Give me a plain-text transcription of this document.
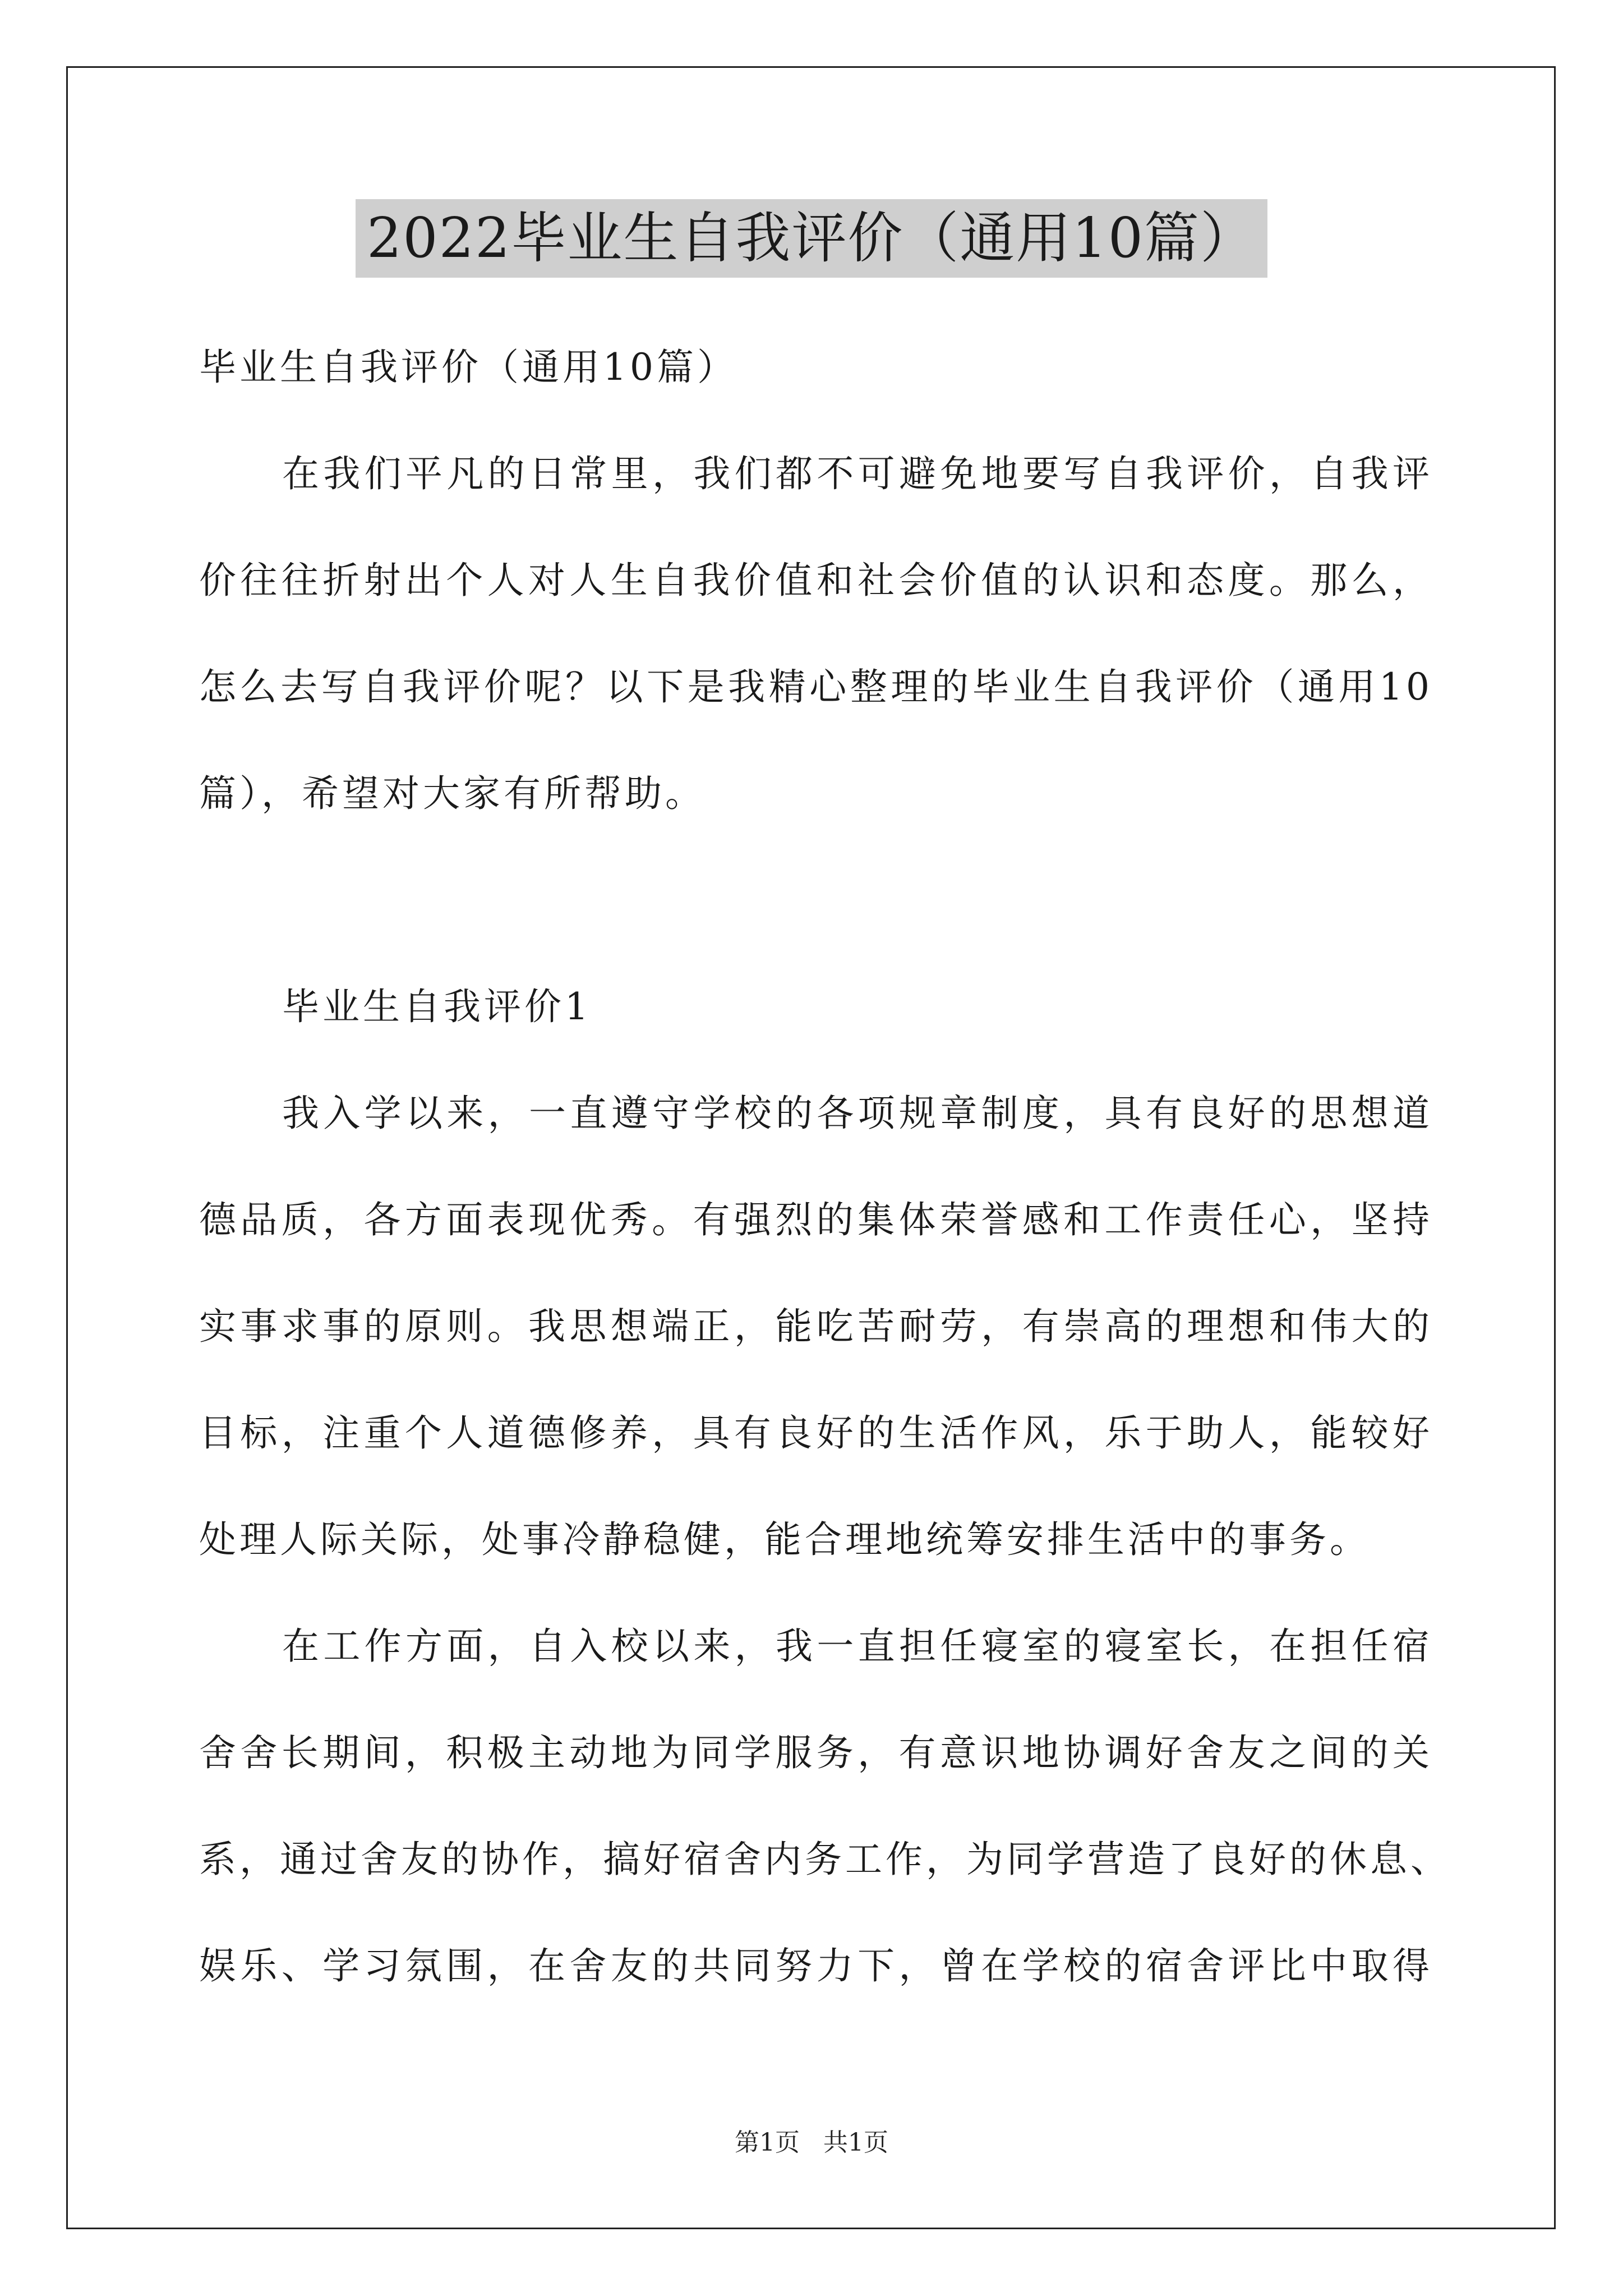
2022毕业生自我评价（通用10篇）
毕业生自我评价（通用10篇）
在我们平凡的日常里，我们都不可避免地要写自我评价，自我评
价往往折射出个人对人生自我价值和社会价值的认识和态度。那么，
怎么去写自我评价呢？以下是我精心整理的毕业生自我评价（通用10
篇），希望对大家有所帮助。
毕业生自我评价1
我入学以来，一直遵守学校的各项规章制度，具有良好的思想道
德品质，各方面表现优秀。有强烈的集体荣誉感和工作责任心，坚持
实事求事的原则。我思想端正，能吃苦耐劳，有崇高的理想和伟大的
目标，注重个人道德修养，具有良好的生活作风，乐于助人，能较好
处理人际关际，处事冷静稳健，能合理地统筹安排生活中的事务。
在工作方面，自入校以来，我一直担任寝室的寝室长，在担任宿
舍舍长期间，积极主动地为同学服务，有意识地协调好舍友之间的关
系，通过舍友的协作，搞好宿舍内务工作，为同学营造了良好的休息、
娱乐、学习氛围，在舍友的共同努力下，曾在学校的宿舍评比中取得
第1页   共1页
